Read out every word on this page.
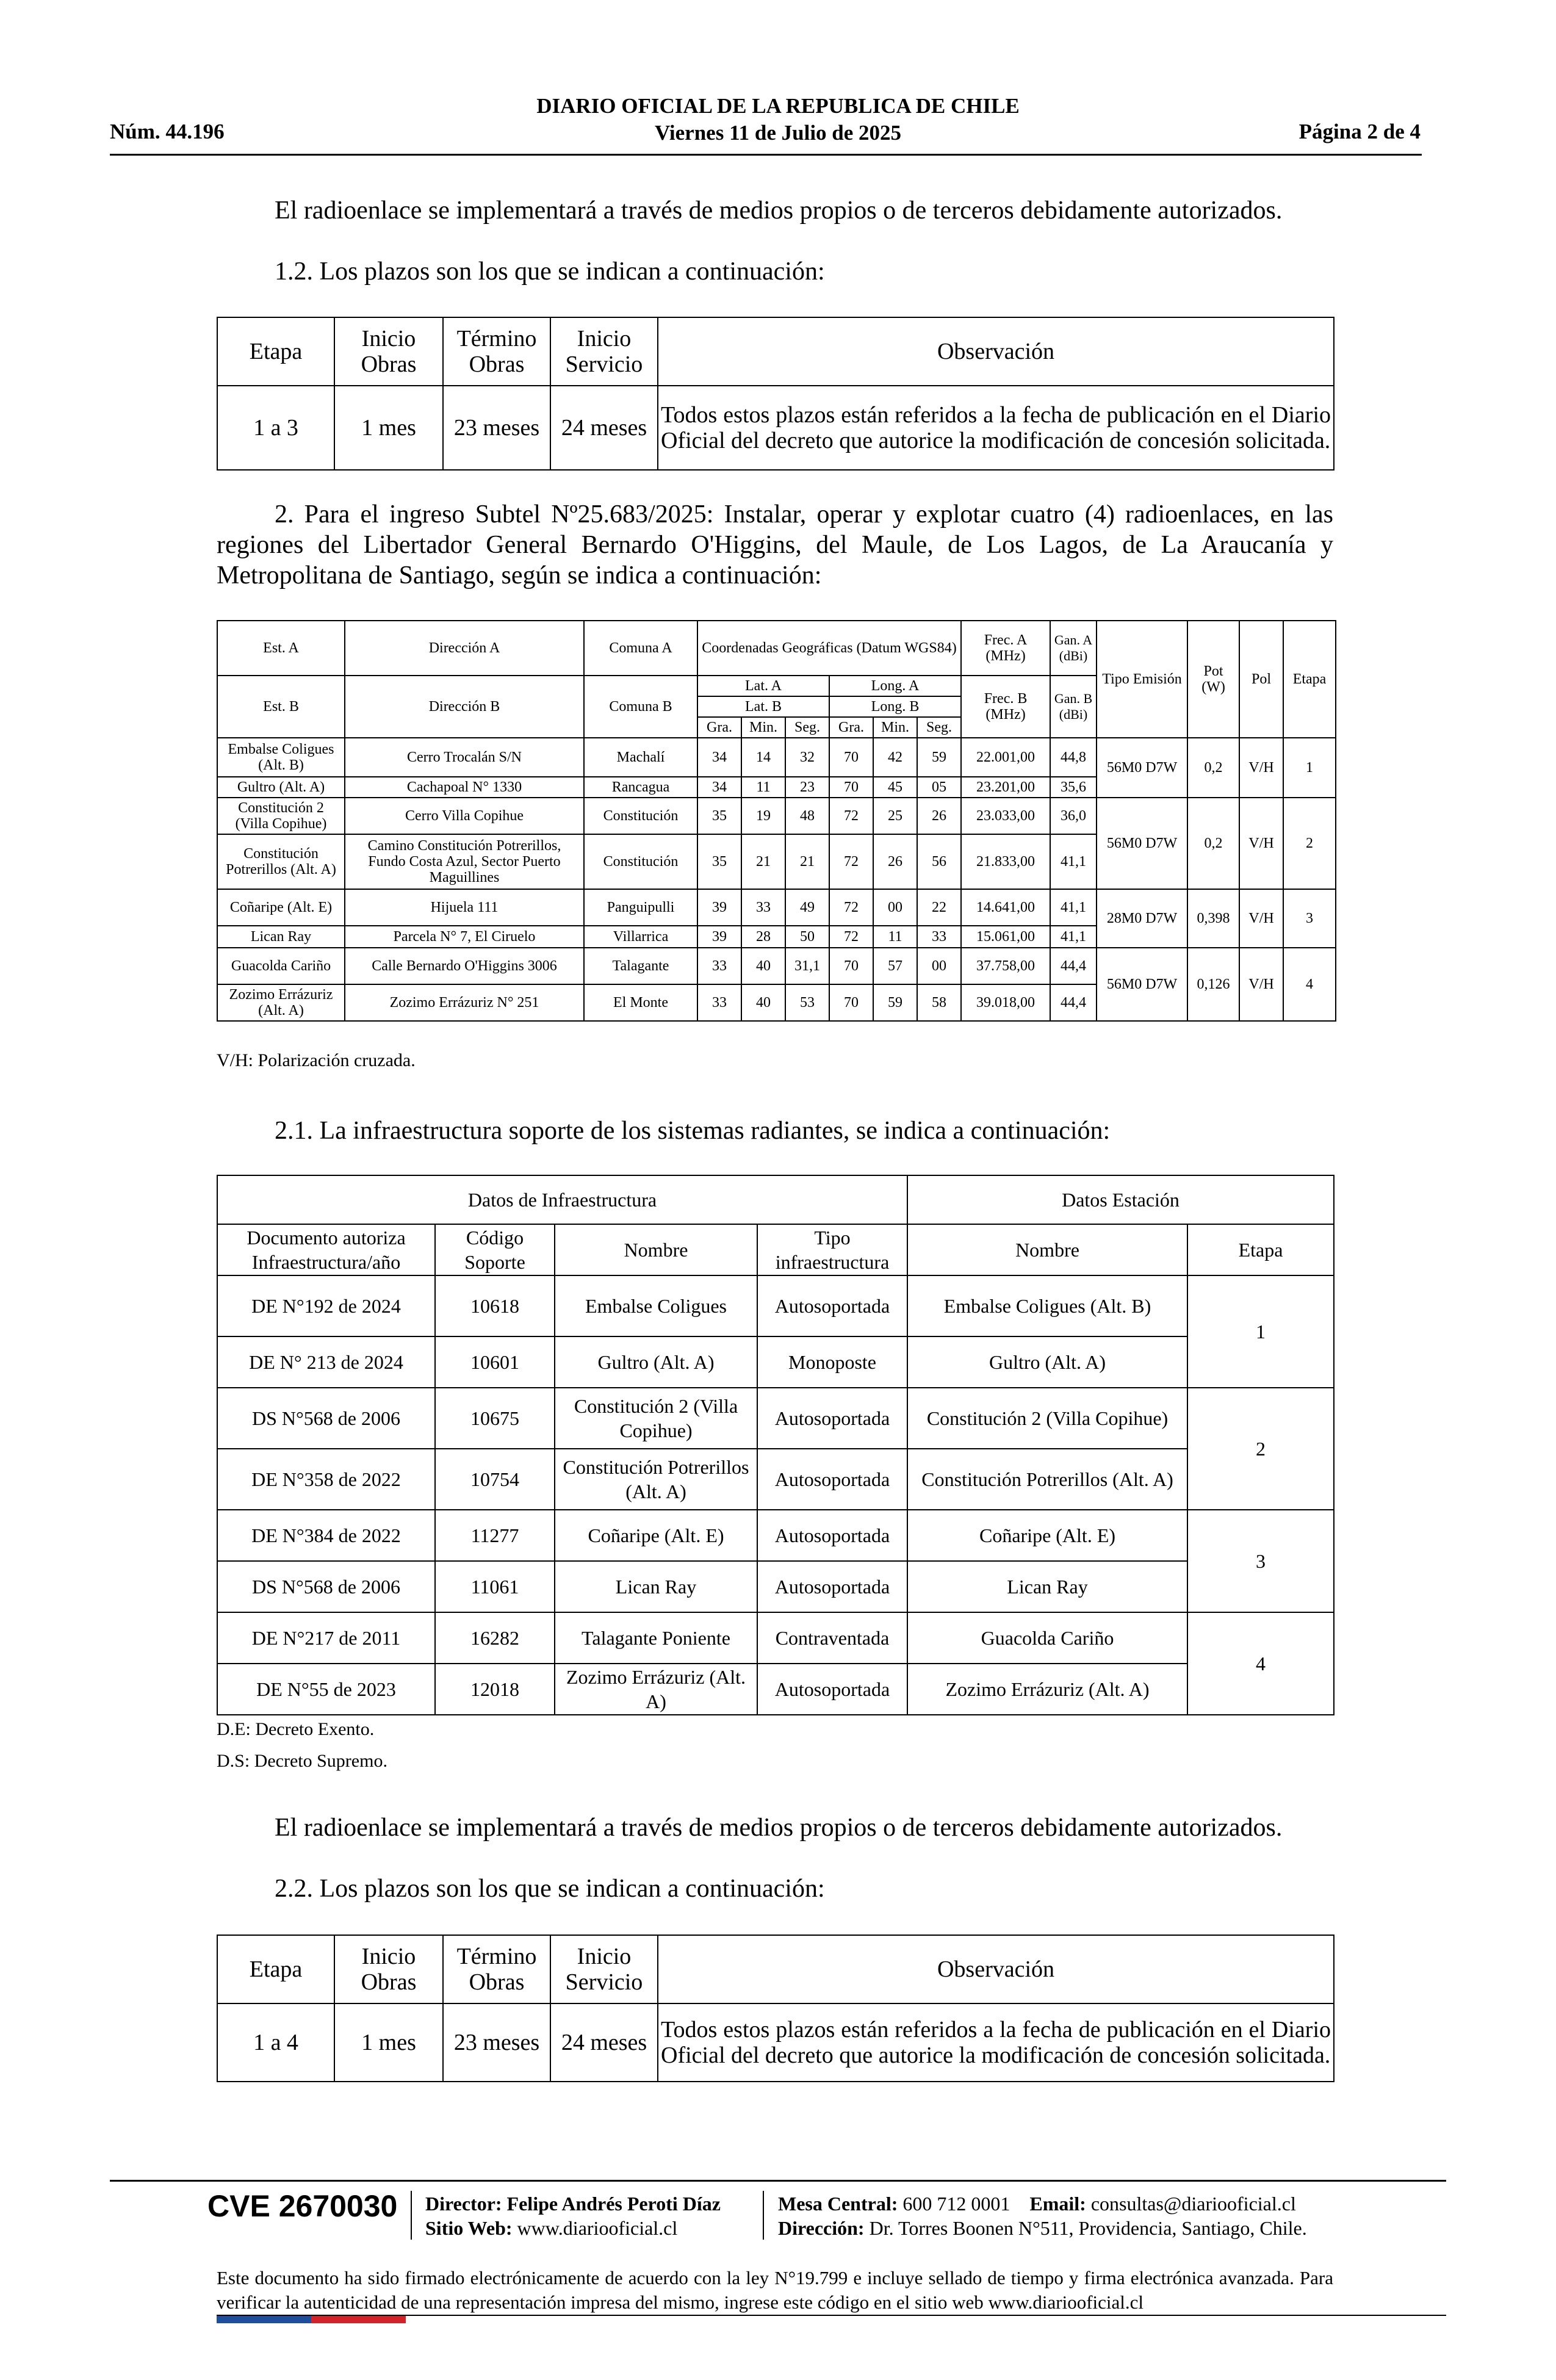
DIARIO OFICIAL DE LA REPUBLICA DE CHILE
Viernes 11 de Julio de 2025
Núm. 44.196	Página 2 de 4
El radioenlace se implementará a través de medios propios o de terceros debidamente autorizados.
1.2. Los plazos son los que se indican a continuación:
Etapa	Inicio Obras	Término Obras	Inicio Servicio	Observación
1 a 3	1 mes	23 meses	24 meses	Todos estos plazos están referidos a la fecha de publicación en el Diario Oficial del decreto que autorice la modificación de concesión solicitada.
2. Para el ingreso Subtel Nº25.683/2025: Instalar, operar y explotar cuatro (4) radioenlaces, en las regiones del Libertador General Bernardo O'Higgins, del Maule, de Los Lagos, de La Araucanía y Metropolitana de Santiago, según se indica a continuación:
Est. A	Dirección A	Comuna A	Coordenadas Geográficas (Datum WGS84)						Frec. A (MHz)	Gan. A (dBi)	Tipo Emisión	Pot (W)	Pol	Etapa
Est. B	Dirección B	Comuna B	Lat. A			Long. A			Frec. B (MHz)	Gan. B (dBi)				
			Lat. B			Long. B								
			Gra.	Min.	Seg.	Gra.	Min.	Seg.						
Embalse Coligues (Alt. B)	Cerro Trocalán S/N	Machalí	34	14	32	70	42	59	22.001,00	44,8	56M0 D7W	0,2	V/H	1
Gultro (Alt. A)	Cachapoal N° 1330	Rancagua	34	11	23	70	45	05	23.201,00	35,6				
Constitución 2 (Villa Copihue)	Cerro Villa Copihue	Constitución	35	19	48	72	25	26	23.033,00	36,0	56M0 D7W	0,2	V/H	2
Constitución Potrerillos (Alt. A)	Camino Constitución Potrerillos, Fundo Costa Azul, Sector Puerto Maguillines	Constitución	35	21	21	72	26	56	21.833,00	41,1				
Coñaripe (Alt. E)	Hijuela 111	Panguipulli	39	33	49	72	00	22	14.641,00	41,1	28M0 D7W	0,398	V/H	3
Lican Ray	Parcela N° 7, El Ciruelo	Villarrica	39	28	50	72	11	33	15.061,00	41,1				
Guacolda Cariño	Calle Bernardo O'Higgins 3006	Talagante	33	40	31,1	70	57	00	37.758,00	44,4	56M0 D7W	0,126	V/H	4
Zozimo Errázuriz (Alt. A)	Zozimo Errázuriz N° 251	El Monte	33	40	53	70	59	58	39.018,00	44,4				
V/H: Polarización cruzada.
2.1. La infraestructura soporte de los sistemas radiantes, se indica a continuación:
Datos de Infraestructura				Datos Estación	
Documento autoriza Infraestructura/año	Código Soporte	Nombre	Tipo infraestructura	Nombre	Etapa
DE N°192 de 2024	10618	Embalse Coligues	Autosoportada	Embalse Coligues (Alt. B)	1
DE N° 213 de 2024	10601	Gultro (Alt. A)	Monoposte	Gultro (Alt. A)	
DS N°568 de 2006	10675	Constitución 2 (Villa Copihue)	Autosoportada	Constitución 2 (Villa Copihue)	2
DE N°358 de 2022	10754	Constitución Potrerillos (Alt. A)	Autosoportada	Constitución Potrerillos (Alt. A)	
DE N°384 de 2022	11277	Coñaripe (Alt. E)	Autosoportada	Coñaripe (Alt. E)	3
DS N°568 de 2006	11061	Lican Ray	Autosoportada	Lican Ray	
DE N°217 de 2011	16282	Talagante Poniente	Contraventada	Guacolda Cariño	4
DE N°55 de 2023	12018	Zozimo Errázuriz (Alt. A)	Autosoportada	Zozimo Errázuriz (Alt. A)	
D.E: Decreto Exento.
D.S: Decreto Supremo.
El radioenlace se implementará a través de medios propios o de terceros debidamente autorizados.
2.2. Los plazos son los que se indican a continuación:
Etapa	Inicio Obras	Término Obras	Inicio Servicio	Observación
1 a 4	1 mes	23 meses	24 meses	Todos estos plazos están referidos a la fecha de publicación en el Diario Oficial del decreto que autorice la modificación de concesión solicitada.
CVE 2670030 Director: Felipe Andrés Peroti Díaz
Sitio Web: www.diariooficial.cl
Mesa Central: 600 712 0001 Email: consultas@diariooficial.cl
Dirección: Dr. Torres Boonen N°511, Providencia, Santiago, Chile.
Este documento ha sido firmado electrónicamente de acuerdo con la ley N°19.799 e incluye sellado de tiempo y firma electrónica avanzada. Para verificar la autenticidad de una representación impresa del mismo, ingrese este código en el sitio web www.diariooficial.cl
